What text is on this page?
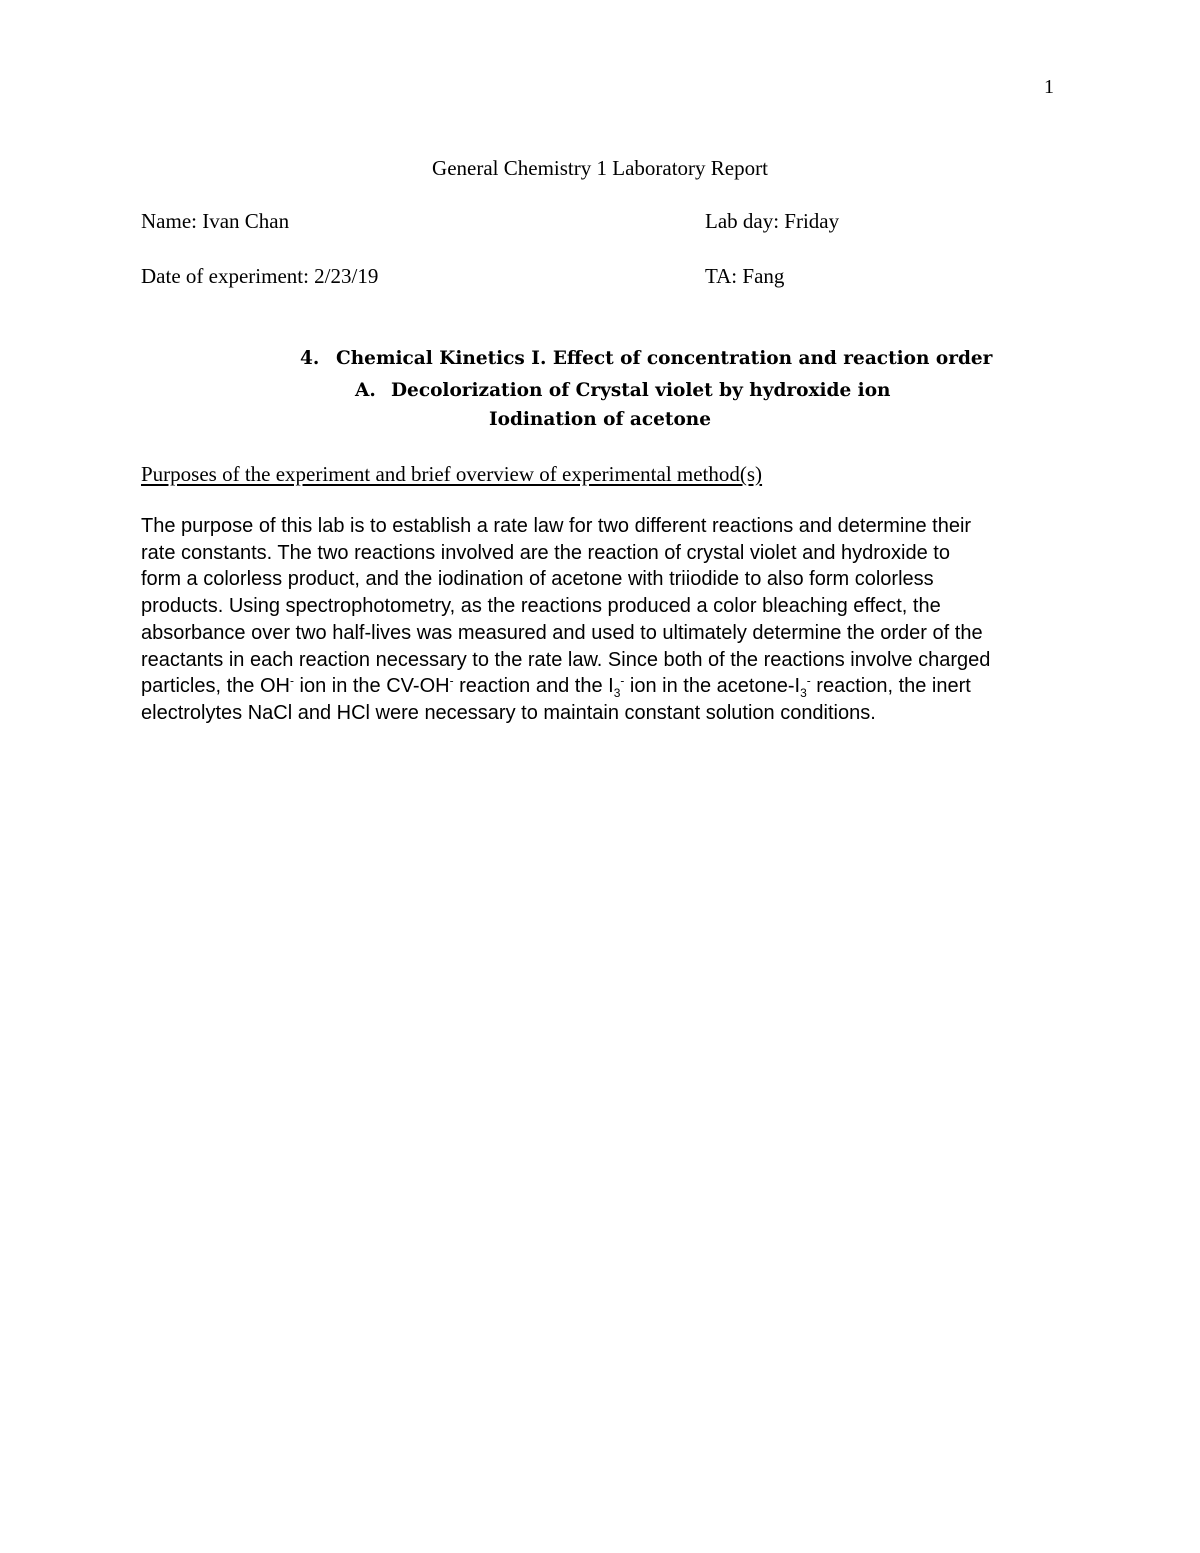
1
General Chemistry 1 Laboratory Report
Name: Ivan Chan	Lab day: Friday
Date of experiment: 2/23/19	TA: Fang
4. Chemical Kinetics I. Effect of concentration and reaction order
A. Decolorization of Crystal violet by hydroxide ion
Iodination of acetone
Purposes of the experiment and brief overview of experimental method(s)
The purpose of this lab is to establish a rate law for two different reactions and determine their
rate constants. The two reactions involved are the reaction of crystal violet and hydroxide to
form a colorless product, and the iodination of acetone with triiodide to also form colorless
products. Using spectrophotometry, as the reactions produced a color bleaching effect, the
absorbance over two half-lives was measured and used to ultimately determine the order of the
reactants in each reaction necessary to the rate law. Since both of the reactions involve charged
particles, the OH- ion in the CV-OH- reaction and the $I_3^-$ ion in the acetone-$I_3^-$ reaction, the inert
electrolytes NaCl and HCl were necessary to maintain constant solution conditions.
